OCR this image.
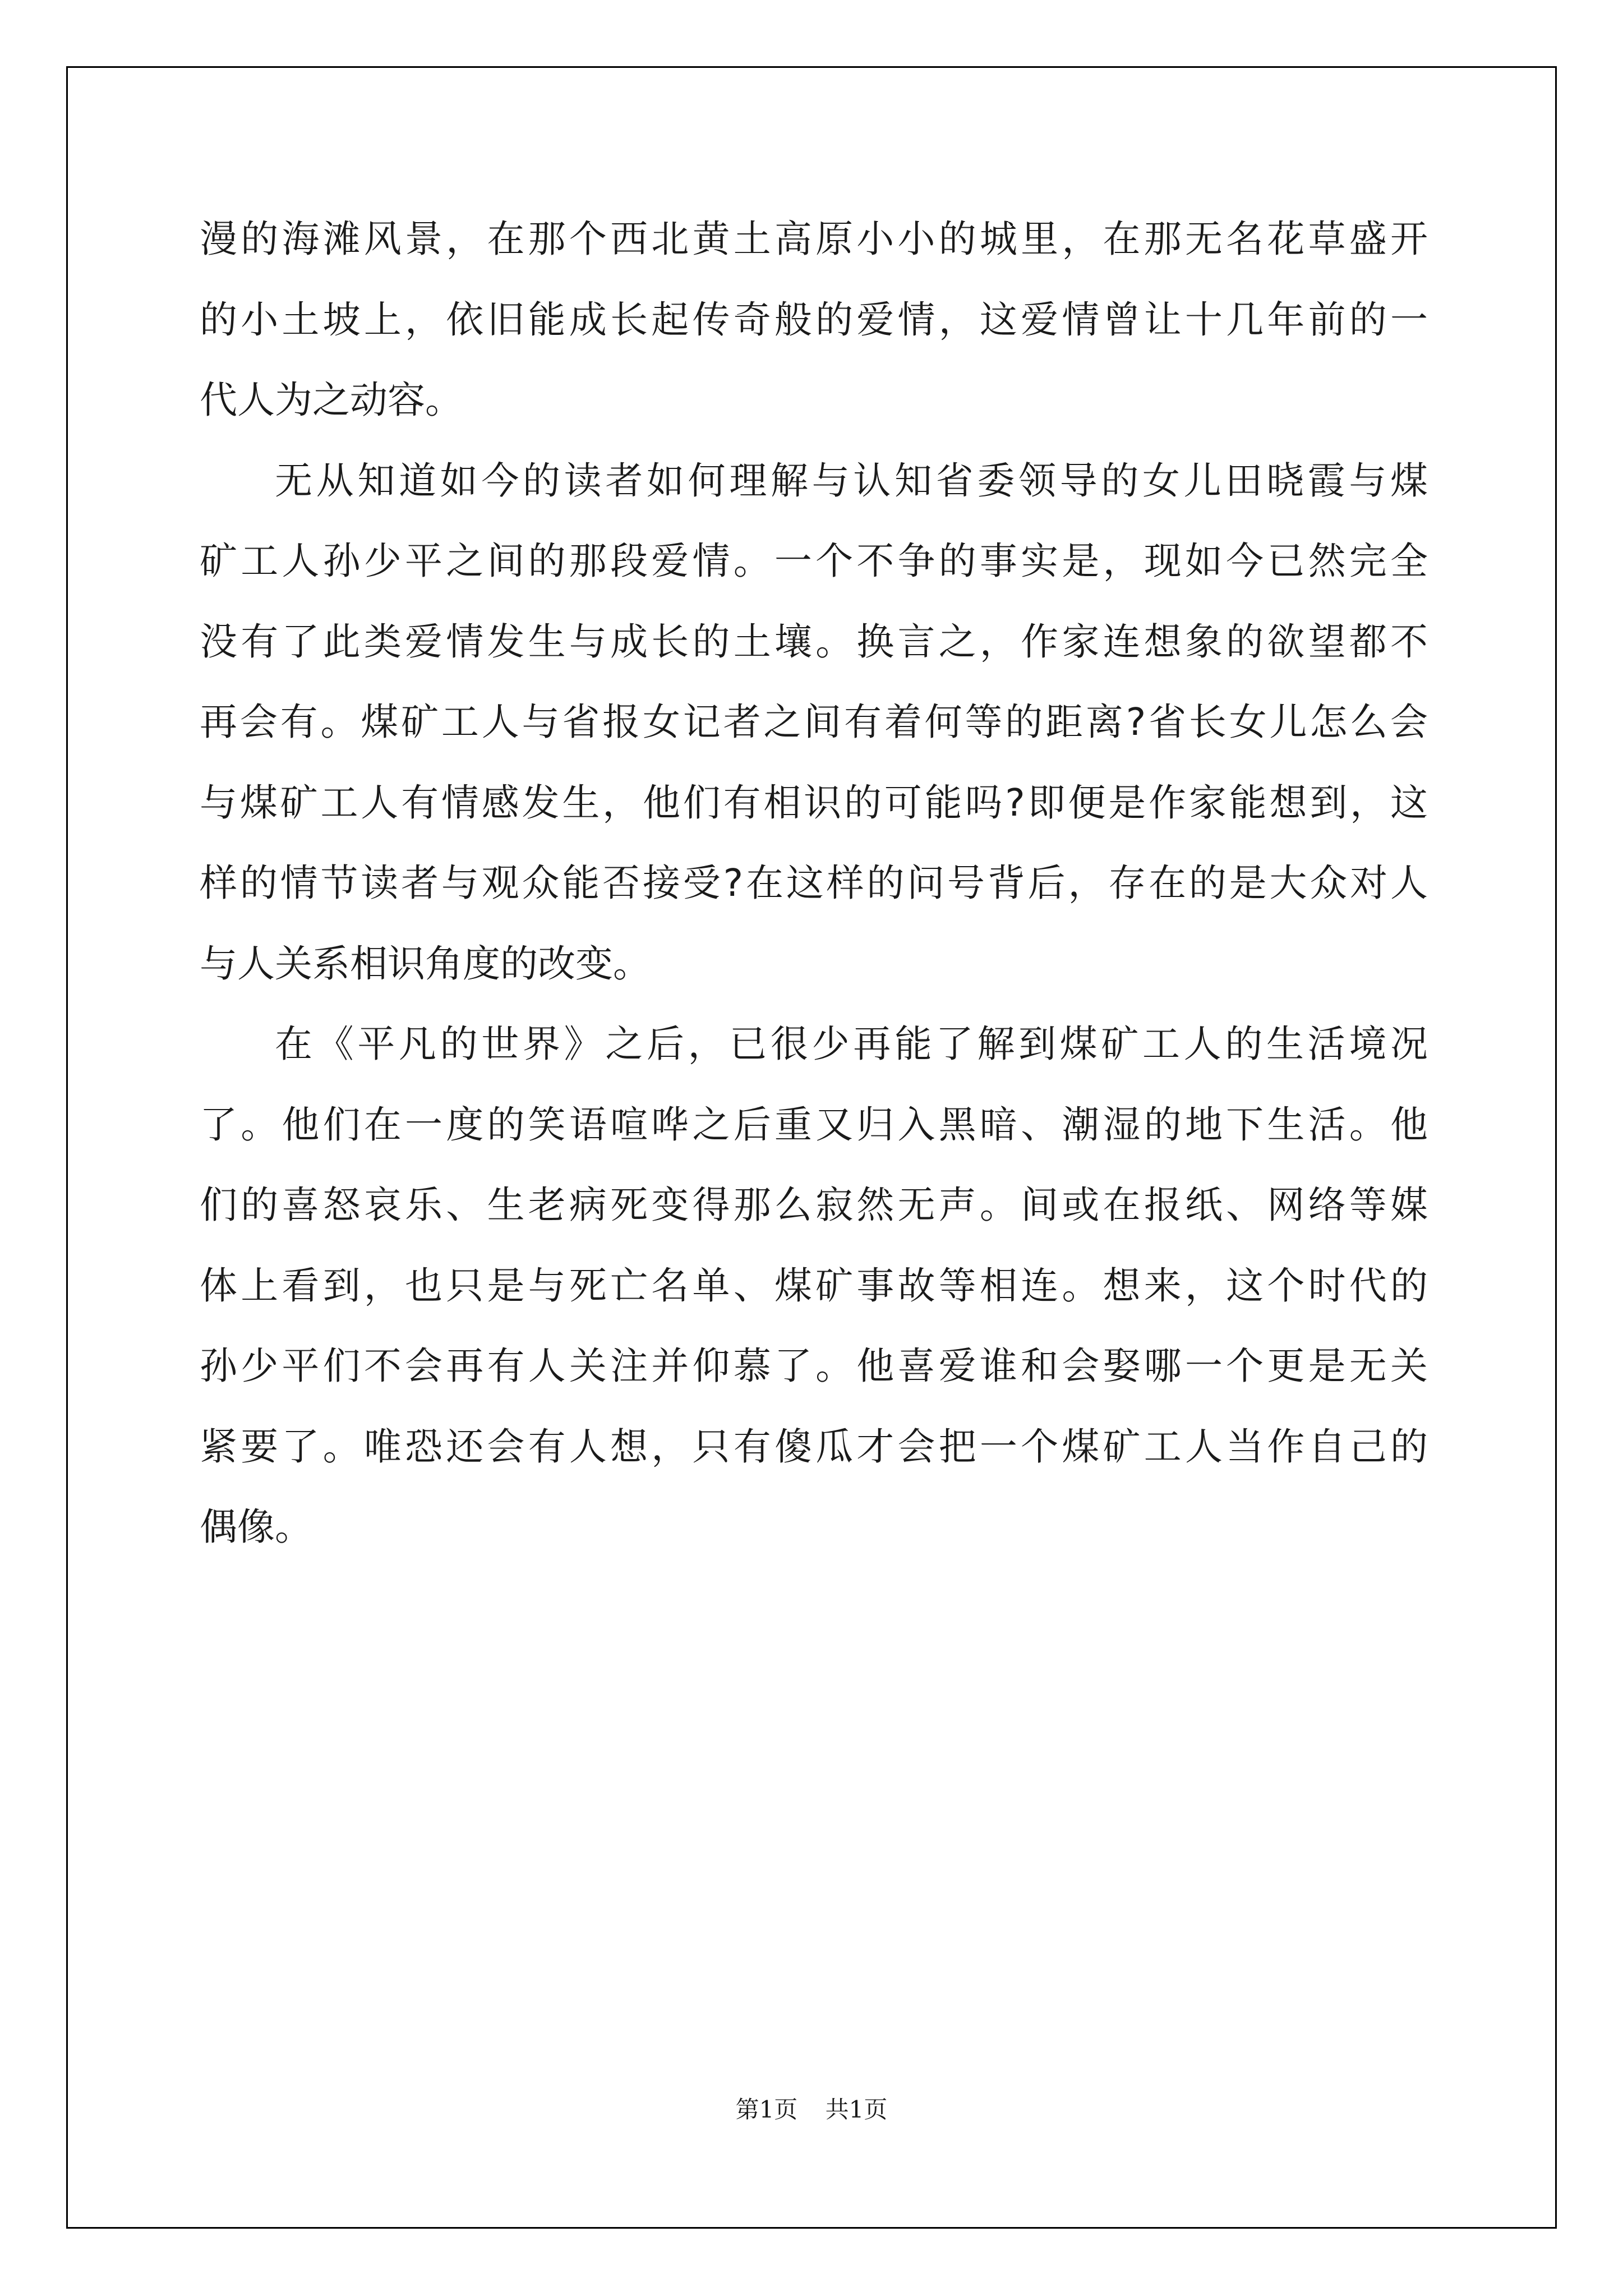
漫的海滩风景，在那个西北黄土高原小小的城里，在那无名花草盛开
的小土坡上，依旧能成长起传奇般的爱情，这爱情曾让十几年前的一
代人为之动容。
无从知道如今的读者如何理解与认知省委领导的女儿田晓霞与煤
矿工人孙少平之间的那段爱情。一个不争的事实是，现如今已然完全
没有了此类爱情发生与成长的土壤。换言之，作家连想象的欲望都不
再会有。煤矿工人与省报女记者之间有着何等的距离?省长女儿怎么会
与煤矿工人有情感发生，他们有相识的可能吗?即便是作家能想到，这
样的情节读者与观众能否接受?在这样的问号背后，存在的是大众对人
与人关系相识角度的改变。
在《平凡的世界》之后，已很少再能了解到煤矿工人的生活境况
了。他们在一度的笑语喧哗之后重又归入黑暗、潮湿的地下生活。他
们的喜怒哀乐、生老病死变得那么寂然无声。间或在报纸、网络等媒
体上看到，也只是与死亡名单、煤矿事故等相连。想来，这个时代的
孙少平们不会再有人关注并仰慕了。他喜爱谁和会娶哪一个更是无关
紧要了。唯恐还会有人想，只有傻瓜才会把一个煤矿工人当作自己的
偶像。
第1页 共1页
